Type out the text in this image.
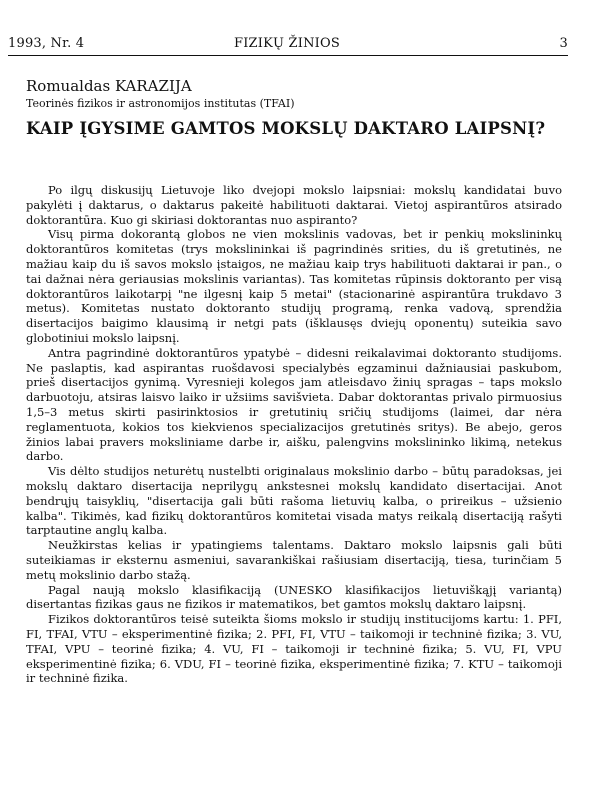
1993, Nr. 4	FIZIKŲ ŽINIOS	3
Romualdas KARAZIJA
Teorinės fizikos ir astronomijos institutas (TFAI)
KAIP ĮGYSIME GAMTOS MOKSLŲ DAKTARO LAIPSNĮ?

Po ilgų diskusijų Lietuvoje liko dvejopi mokslo laipsniai: mokslų kandidatai buvo pakylėti į daktarus, o daktarus pakeitė habilituoti daktarai. Vietoj aspirantūros atsirado doktorantūra. Kuo gi skiriasi doktorantas nuo aspiranto?

Visų pirma dokorantą globos ne vien mokslinis vadovas, bet ir penkių mokslininkų doktorantūros komitetas (trys mokslininkai iš pagrindinės srities, du iš gretutinės, ne mažiau kaip du iš savos mokslo įstaigos, ne mažiau kaip trys habilituoti daktarai ir pan., o tai dažnai nėra geriausias mokslinis variantas). Tas komitetas rūpinsis doktoranto per visą doktorantūros laikotarpį "ne ilgesnį kaip 5 metai" (stacionarinė aspirantūra trukdavo 3 metus). Komitetas nustato doktoranto studijų programą, renka vadovą, sprendžia disertacijos baigimo klausimą ir netgi pats (išklausęs dviejų oponentų) suteikia savo globotiniui mokslo laipsnį.

Antra pagrindinė doktorantūros ypatybė – didesni reikalavimai doktoranto studijoms. Ne paslaptis, kad aspirantas ruošdavosi specialybės egzaminui dažniausiai paskubom, prieš disertacijos gynimą. Vyresnieji kolegos jam atleisdavo žinių spragas – taps mokslo darbuotoju, atsiras laisvo laiko ir užsiims savišvieta. Dabar doktorantas privalo pirmuosius 1,5–3 metus skirti pasirinktosios ir gretutinių sričių studijoms (laimei, dar nėra reglamentuota, kokios tos kiekvienos specializacijos gretutinės sritys). Be abejo, geros žinios labai pravers moksliniame darbe ir, aišku, palengvins mokslininko likimą, netekus darbo.

Vis dėlto studijos neturėtų nustelbti originalaus mokslinio darbo – būtų paradoksas, jei mokslų daktaro disertacija neprilygų ankstesnei mokslų kandidato disertacijai. Anot bendrųjų taisyklių, "disertacija gali būti rašoma lietuvių kalba, o prireikus – užsienio kalba". Tikimės, kad fizikų doktorantūros komitetai visada matys reikalą disertaciją rašyti tarptautine anglų kalba.

Neužkirstas kelias ir ypatingiems talentams. Daktaro mokslo laipsnis gali būti suteikiamas ir eksternu asmeniui, savarankiškai rašiusiam disertaciją, tiesa, turinčiam 5 metų mokslinio darbo stažą.

Pagal naują mokslo klasifikaciją (UNESKO klasifikacijos lietuviškąjį variantą) disertantas fizikas gaus ne fizikos ir matematikos, bet gamtos mokslų daktaro laipsnį.

Fizikos doktorantūros teisė suteikta šioms mokslo ir studijų institucijoms kartu: 1. PFI, FI, TFAI, VTU – eksperimentinė fizika; 2. PFI, FI, VTU – taikomoji ir techninė fizika; 3. VU, TFAI, VPU – teorinė fizika; 4. VU, FI – taikomoji ir techninė fizika; 5. VU, FI, VPU eksperimentinė fizika; 6. VDU, FI – teorinė fizika, eksperimentinė fizika; 7. KTU – taikomoji ir techninė fizika.
